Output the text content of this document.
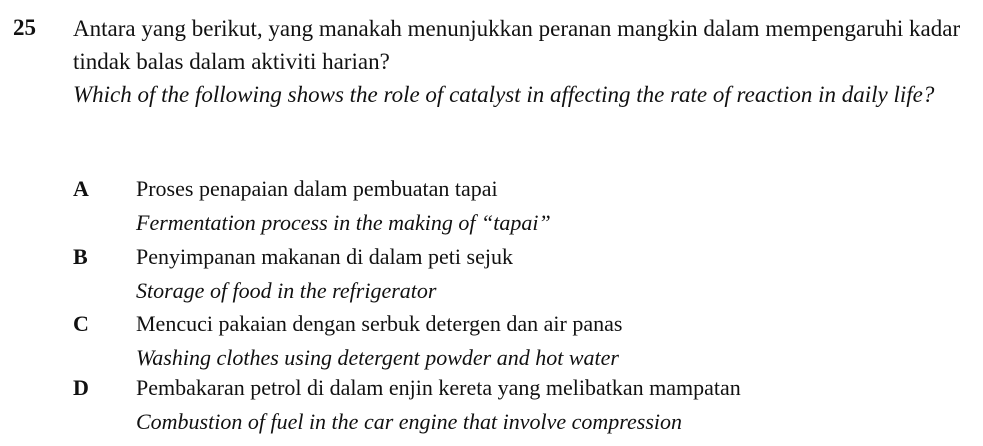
25 Antara yang berikut, yang manakah menunjukkan peranan mangkin dalam mempengaruhi kadar tindak balas dalam aktiviti harian?

Which of the following shows the role of catalyst in affecting the rate of reaction in daily life?

A Proses penapaian dalam pembuatan tapai
Fermentation process in the making of “tapai”
B Penyimpanan makanan di dalam peti sejuk
Storage of food in the refrigerator
C Mencuci pakaian dengan serbuk detergen dan air panas
Washing clothes using detergent powder and hot water
D Pembakaran petrol di dalam enjin kereta yang melibatkan mampatan
Combustion of fuel in the car engine that involve compression
